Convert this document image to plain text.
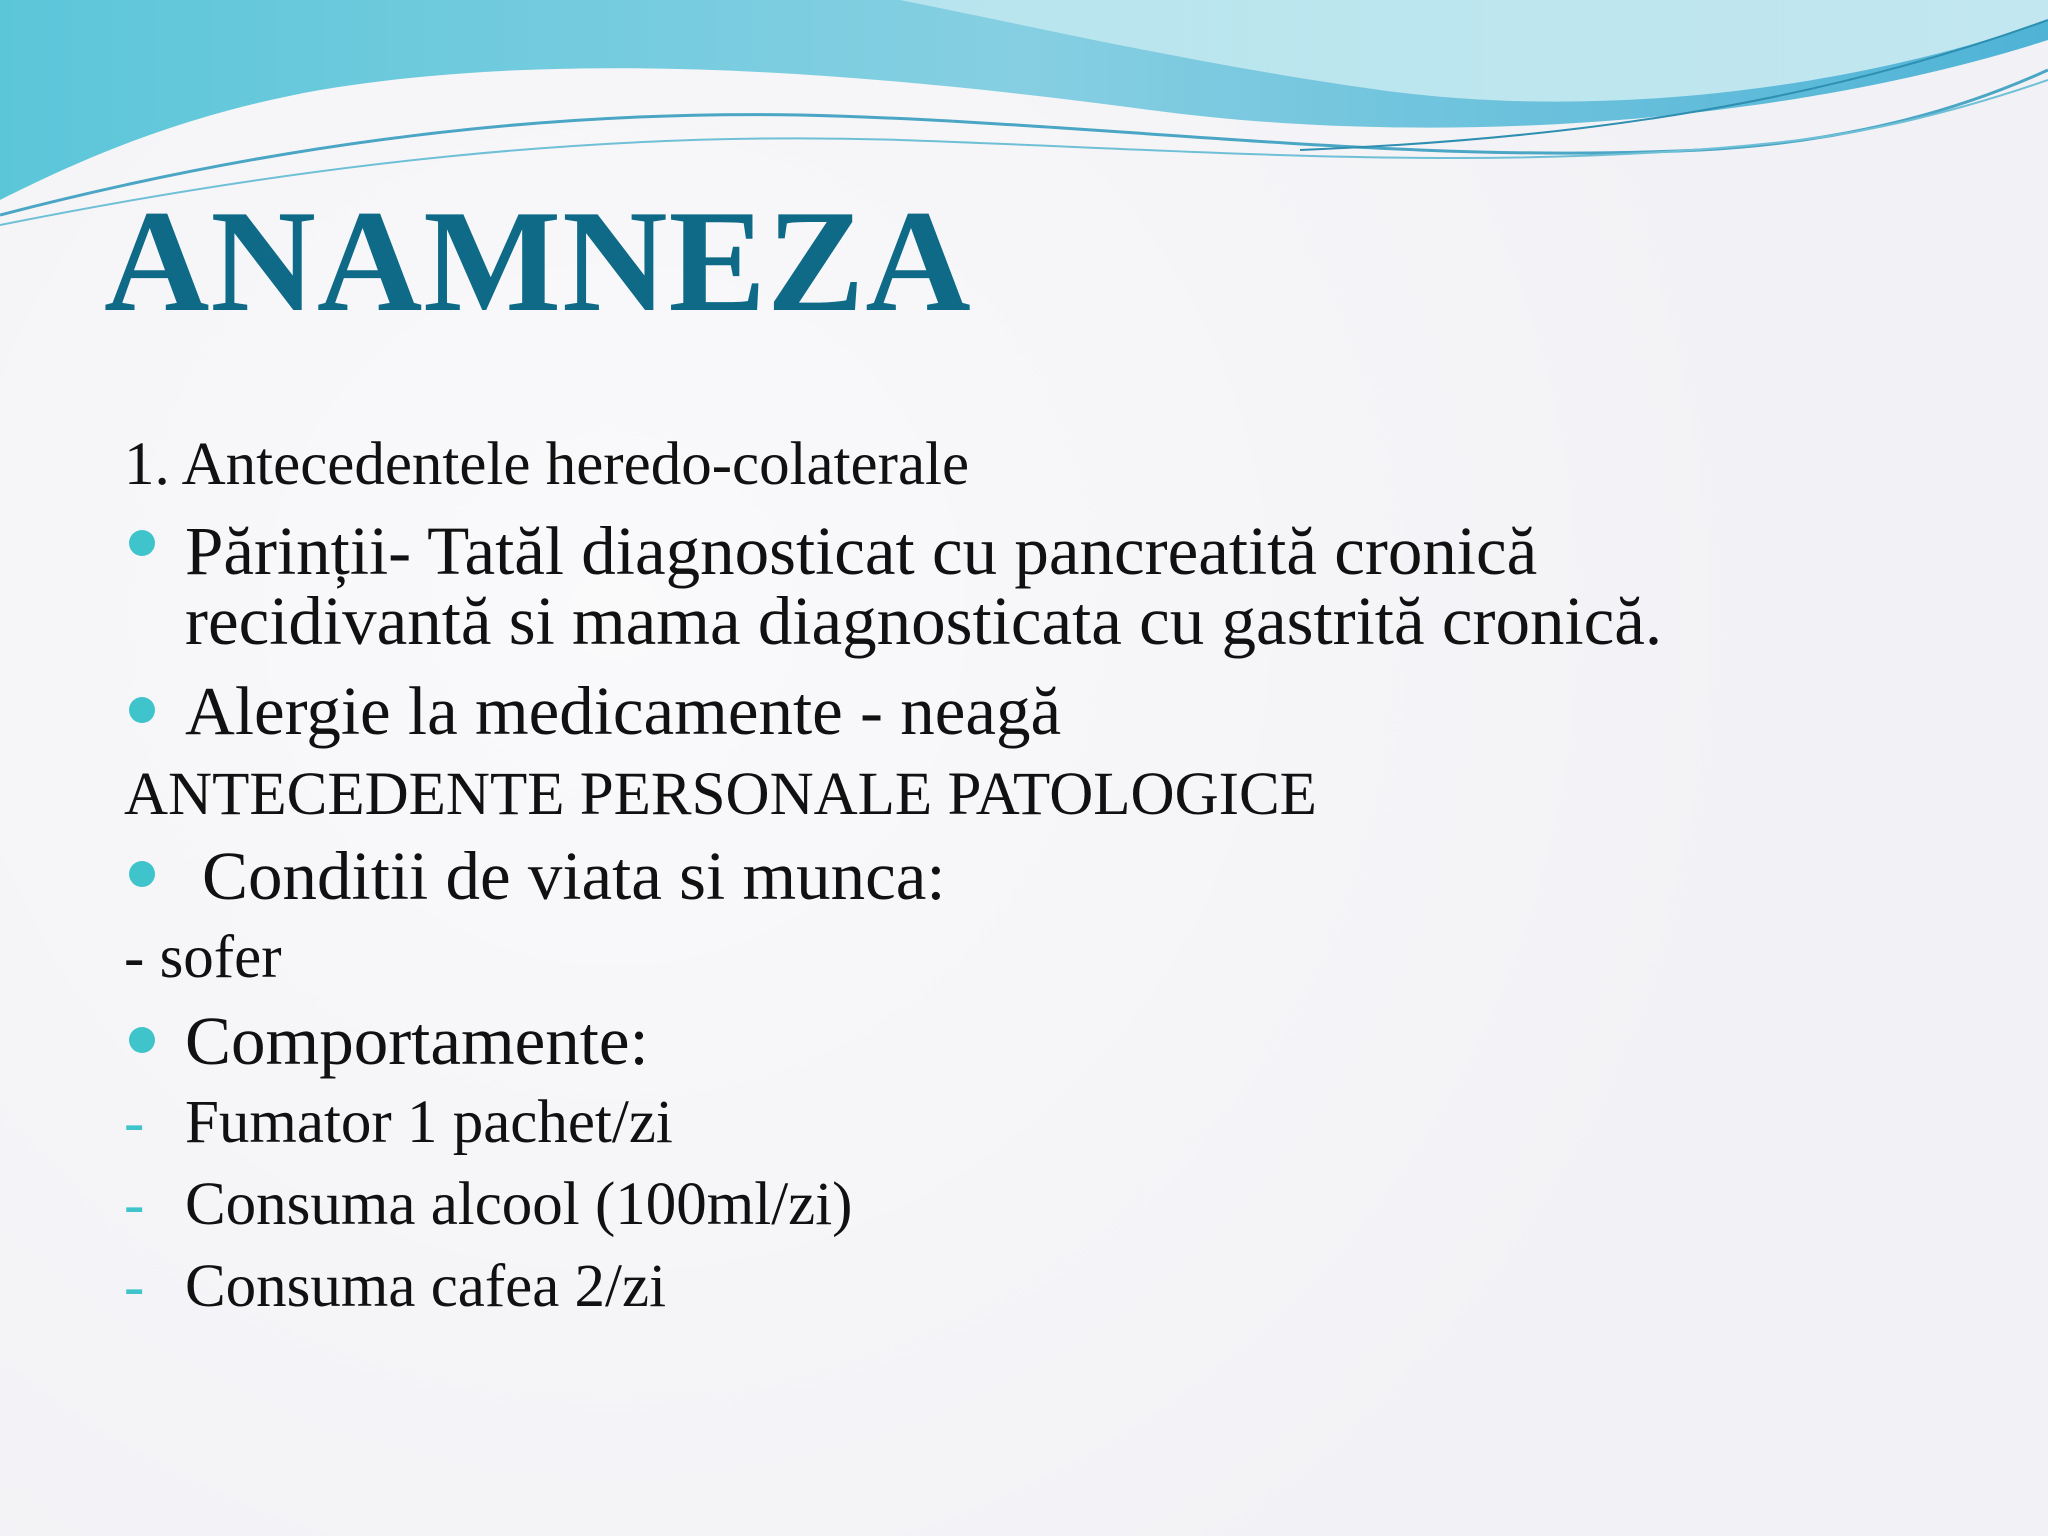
ANAMNEZA
1. Antecedentele heredo-colaterale
Părinții- Tatăl diagnosticat cu pancreatită cronică
recidivantă si mama diagnosticata cu gastrită cronică.
Alergie la medicamente - neagă
ANTECEDENTE PERSONALE PATOLOGICE
Conditii de viata si munca:
- sofer
Comportamente:
- Fumator 1 pachet/zi
- Consuma alcool (100ml/zi)
- Consuma cafea 2/zi
